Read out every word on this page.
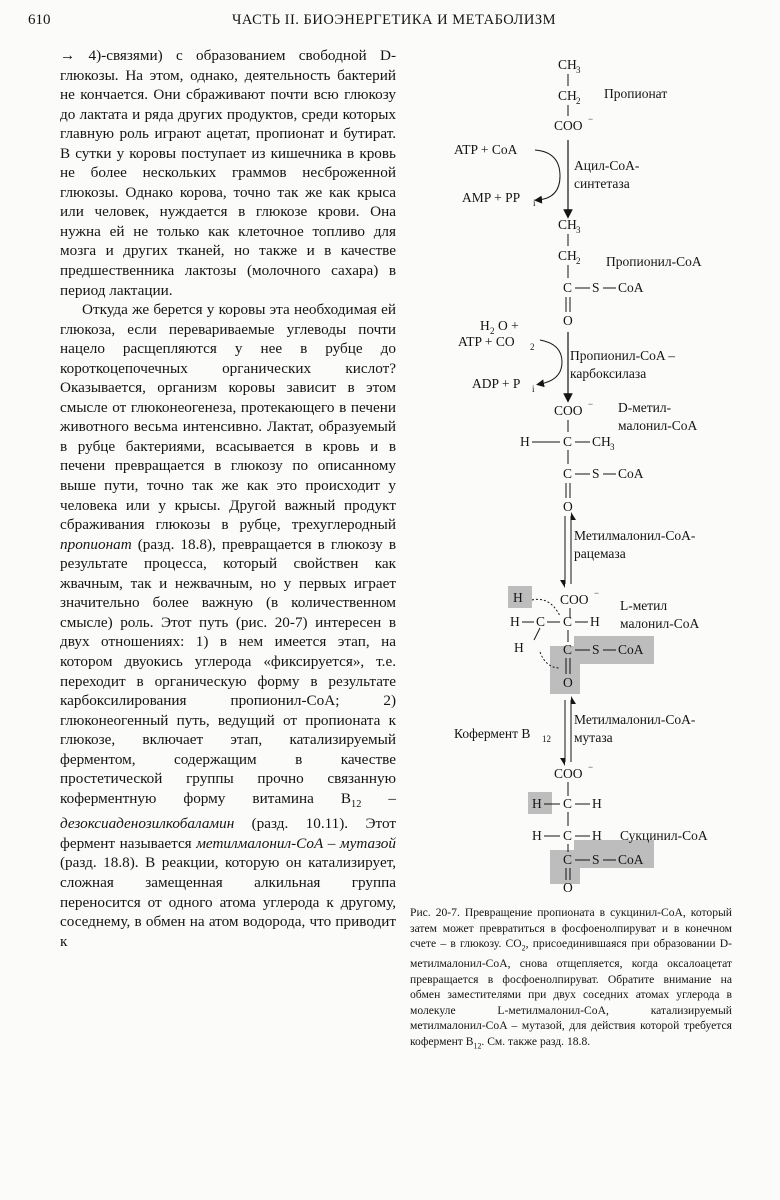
610	ЧАСТЬ II. БИОЭНЕРГЕТИКА И МЕТАБОЛИЗМ

→ 4)-связями) с образованием свободной D-глюкозы. На этом, однако, деятельность бактерий не кончается. Они сбраживают почти всю глюкозу до лактата и ряда других продуктов, среди которых главную роль играют ацетат, пропионат и бутират. В сутки у коровы поступает из кишечника в кровь не более нескольких граммов несброженной глюкозы. Однако корова, точно так же как крыса или человек, нуждается в глюкозе крови. Она нужна ей не только как клеточное топливо для мозга и других тканей, но также и в качестве предшественника лактозы (молочного сахара) в период лактации.

Откуда же берется у коровы эта необходимая ей глюкоза, если перевариваемые углеводы почти нацело расщепляются у нее в рубце до короткоцепочечных органических кислот? Оказывается, организм коровы зависит в этом смысле от глюконеогенеза, протекающего в печени животного весьма интенсивно. Лактат, образуемый в рубце бактериями, всасывается в кровь и в печени превращается в глюкозу по описанному выше пути, точно так же как это происходит у человека или у крысы. Другой важный продукт сбраживания глюкозы в рубце, трехуглеродный пропионат (разд. 18.8), превращается в глюкозу в результате процесса, который свойствен как жвачным, так и нежвачным, но у первых играет значительно более важную (в количественном смысле) роль. Этот путь (рис. 20-7) интересен в двух отношениях: 1) в нем имеется этап, на котором двуокись углерода «фиксируется», т.е. переходит в органическую форму в результате карбоксилирования пропионил-CoA; 2) глюконеогенный путь, ведущий от пропионата к глюкозе, включает этап, катализируемый ферментом, содержащим в качестве простетической группы прочно связанную коферментную форму витамина $B_{12}$ – дезоксиаденозилкобаламин (разд. 10.11). Этот фермент называется метилмалонил-СоА – мутазой (разд. 18.8). В реакции, которую он катализирует, сложная замещенная алкильная группа переносится от одного атома углерода к другому, соседнему, в обмен на атом водорода, что приводит к

CH 3
CH 2
COO −
Пропионат
ATP + CoA
AMP + PP i
Ацил-CoA-
синтетаза
CH 3
CH 2
C S CoA
O
Пропионил-CoA
H 2 O +
ATP + CO 2
ADP + P i
Пропионил-CoA –
карбоксилаза
COO −
H C CH 3
C S CoA
O
D-метил-
малонил-CoA
Метилмалонил-CoA-
рацемаза
COO −
H
H C C H
H	C S CoA
O
L-метил
малонил-CoA
Кофермент B 12
Метилмалонил-CoA-
мутаза
COO −
H C H
H C H
C S CoA
O
Сукцинил-CoA
Рис. 20-7. Превращение пропионата в сукцинил-CoA, который затем может превратиться в фосфоенолпируват и в конечном счете – в глюкозу. $CO_2$, присоединившаяся при образовании D-метилмалонил-CoA, снова отщепляется, когда оксалоацетат превращается в фосфоенолпируват. Обратите внимание на обмен заместителями при двух соседних атомах углерода в молекуле L-метилмалонил-CoA, катализируемый метилмалонил-CoA – мутазой, для действия которой требуется кофермент $B_{12}$. См. также разд. 18.8.
